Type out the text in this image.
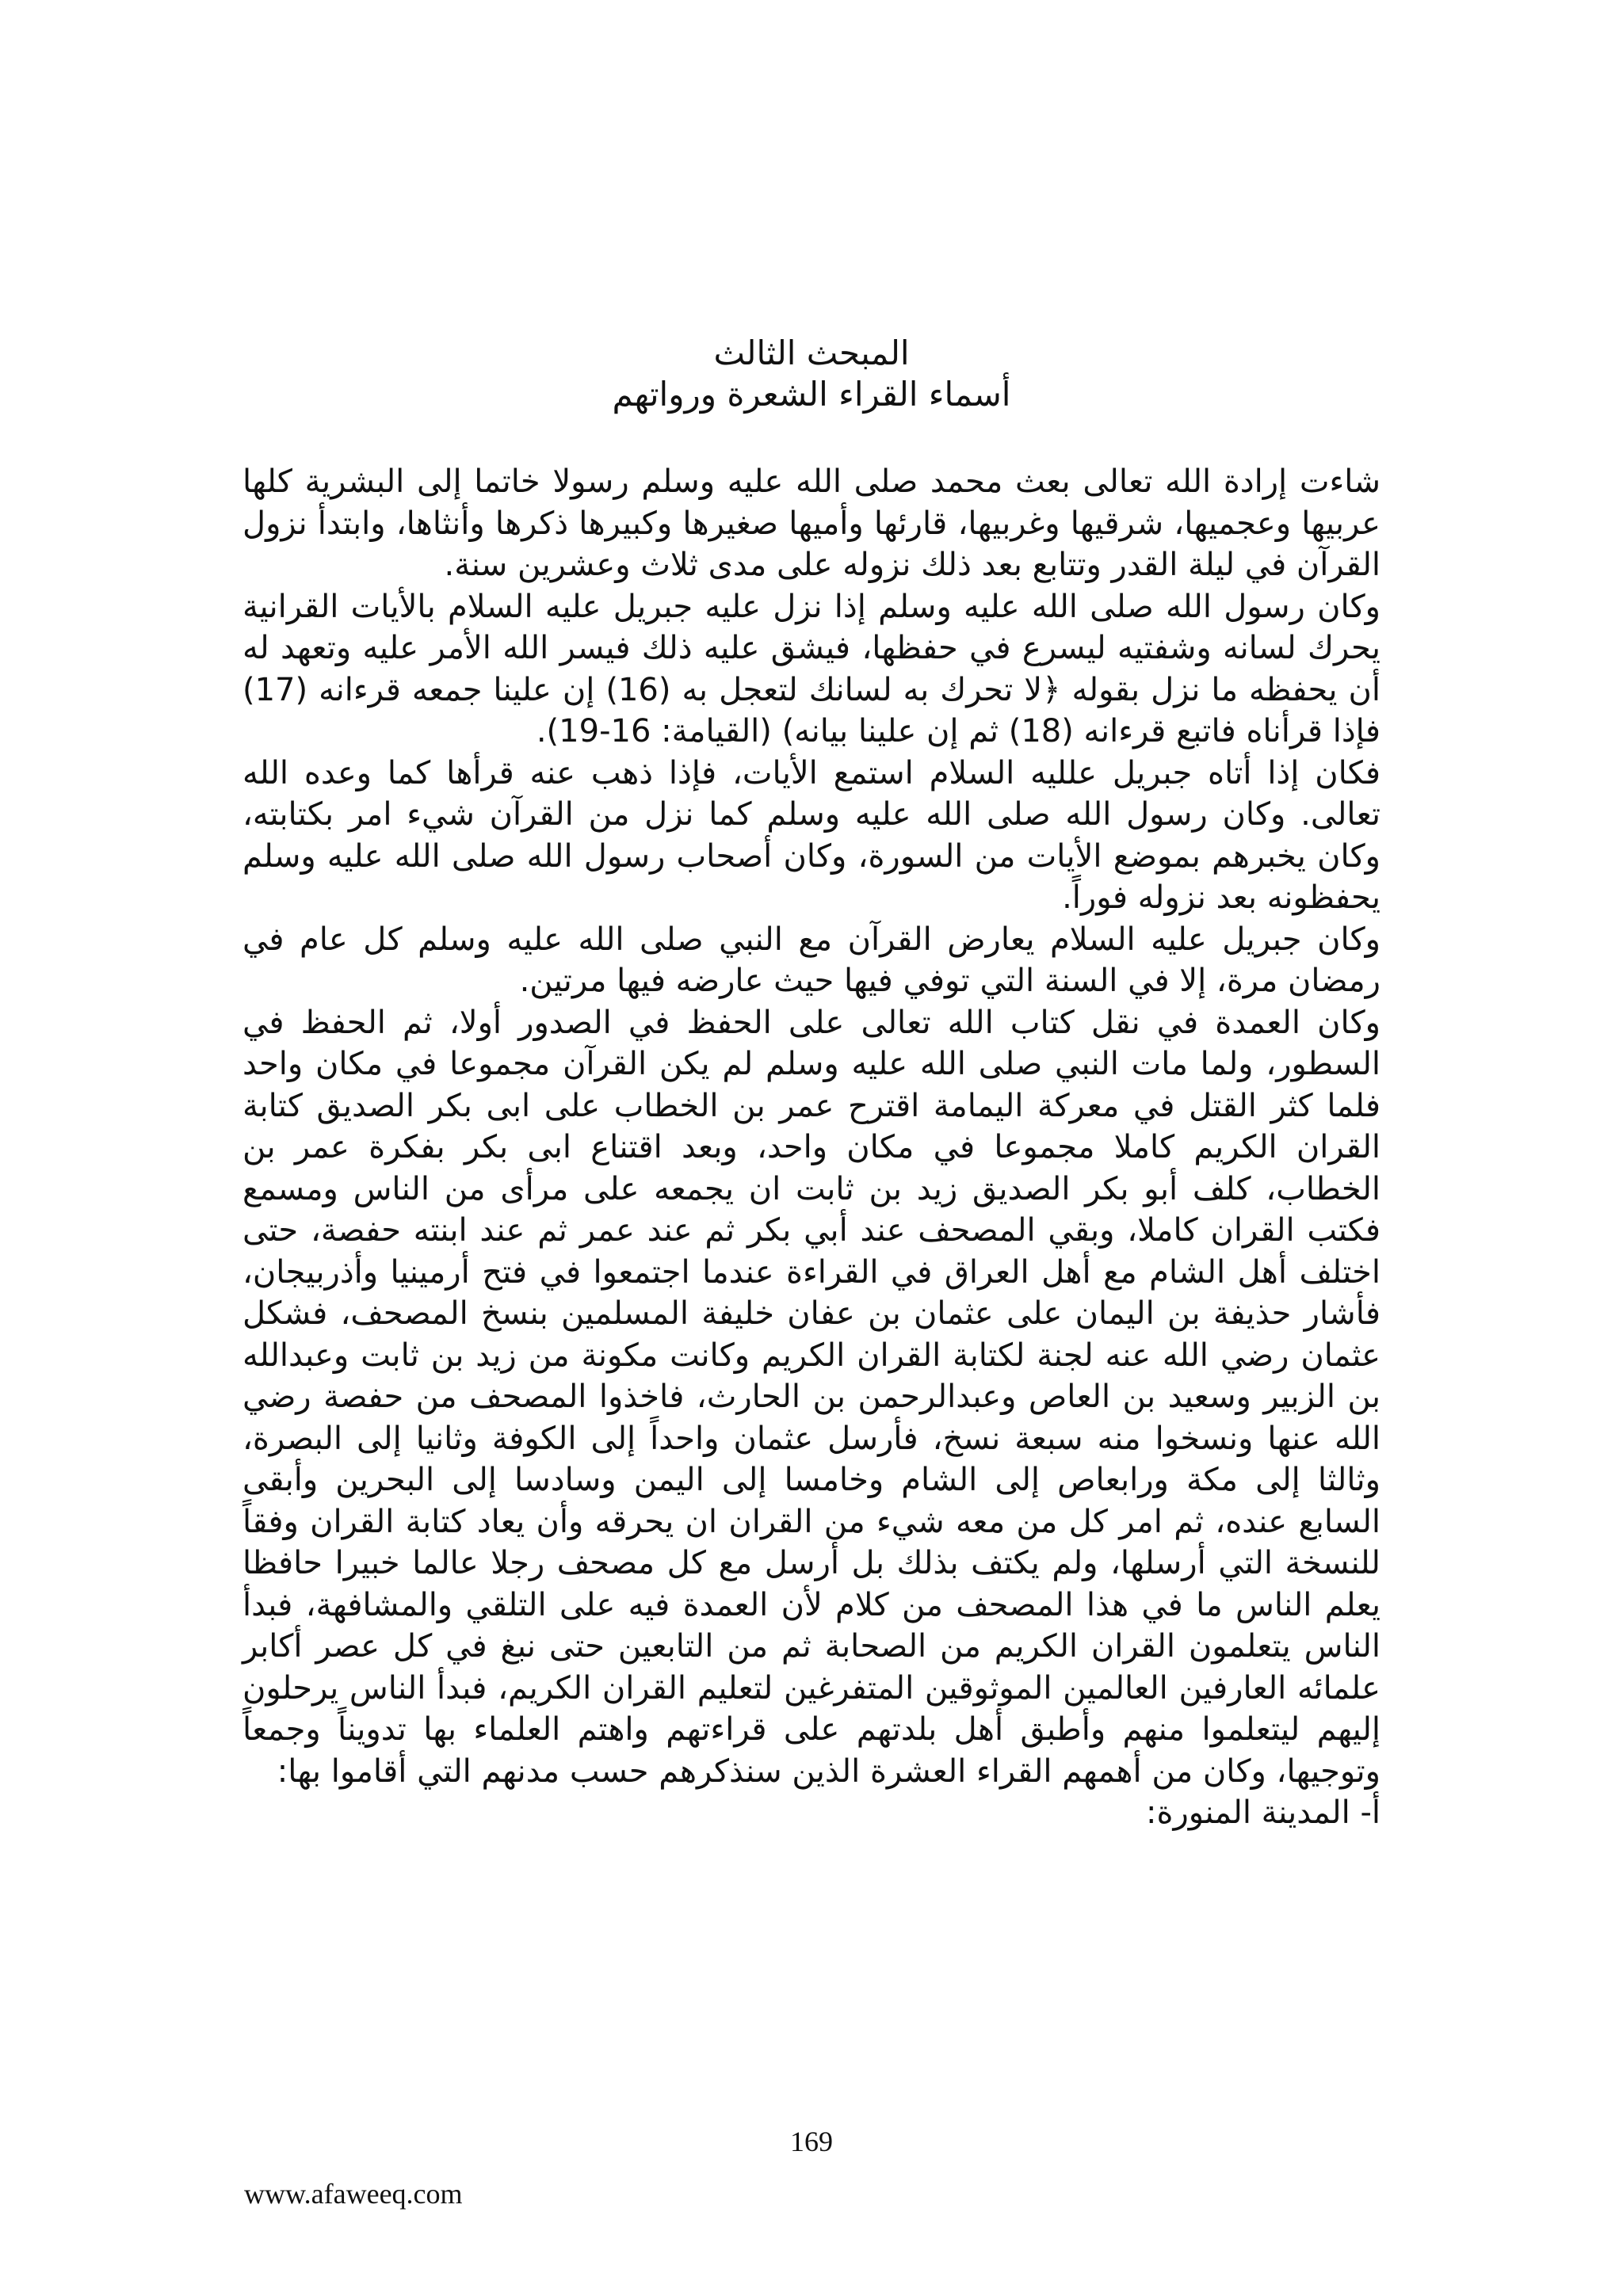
المبحث الثالث
أسماء القراء الشعرة ورواتهم

شاءت إرادة الله تعالى بعث محمد صلى الله عليه وسلم رسولا خاتما إلى البشرية كلها عربيها وعجميها، شرقيها وغربيها، قارئها وأميها صغيرها وكبيرها ذكرها وأنثاها، وابتدأ نزول القرآن في ليلة القدر وتتابع بعد ذلك نزوله على مدى ثلاث وعشرين سنة.

وكان رسول الله صلى الله عليه وسلم إذا نزل عليه جبريل عليه السلام بالأيات القرانية يحرك لسانه وشفتيه ليسرع في حفظها، فيشق عليه ذلك فيسر الله الأمر عليه وتعهد له أن يحفظه ما نزل بقوله ﴿لا تحرك به لسانك لتعجل به (16) إن علينا جمعه قرءانه (17) فإذا قرأناه فاتبع قرءانه (18) ثم إن علينا بيانه) (القيامة: 16-19).

فكان إذا أتاه جبريل علليه السلام استمع الأيات، فإذا ذهب عنه قرأها كما وعده الله تعالى. وكان رسول الله صلى الله عليه وسلم كما نزل من القرآن شيء امر بكتابته، وكان يخبرهم بموضع الأيات من السورة، وكان أصحاب رسول الله صلى الله عليه وسلم يحفظونه بعد نزوله فوراً.

وكان جبريل عليه السلام يعارض القرآن مع النبي صلى الله عليه وسلم كل عام في رمضان مرة، إلا في السنة التي توفي فيها حيث عارضه فيها مرتين.

وكان العمدة في نقل كتاب الله تعالى على الحفظ في الصدور أولا، ثم الحفظ في السطور، ولما مات النبي صلى الله عليه وسلم لم يكن القرآن مجموعا في مكان واحد فلما كثر القتل في معركة اليمامة اقترح عمر بن الخطاب على ابى بكر الصديق كتابة القران الكريم كاملا مجموعا في مكان واحد، وبعد اقتناع ابى بكر بفكرة عمر بن الخطاب، كلف أبو بكر الصديق زيد بن ثابت ان يجمعه على مرأى من الناس ومسمع فكتب القران كاملا، وبقي المصحف عند أبي بكر ثم عند عمر ثم عند ابنته حفصة، حتى اختلف أهل الشام مع أهل العراق في القراءة عندما اجتمعوا في فتح أرمينيا وأذربيجان، فأشار حذيفة بن اليمان على عثمان بن عفان خليفة المسلمين بنسخ المصحف، فشكل عثمان رضي الله عنه لجنة لكتابة القران الكريم وكانت مكونة من زيد بن ثابت وعبدالله بن الزبير وسعيد بن العاص وعبدالرحمن بن الحارث، فاخذوا المصحف من حفصة رضي الله عنها ونسخوا منه سبعة نسخ، فأرسل عثمان واحداً إلى الكوفة وثانيا إلى البصرة، وثالثا إلى مكة ورابعاص إلى الشام وخامسا إلى اليمن وسادسا إلى البحرين وأبقى السابع عنده، ثم امر كل من معه شيء من القران ان يحرقه وأن يعاد كتابة القران وفقاً للنسخة التي أرسلها، ولم يكتف بذلك بل أرسل مع كل مصحف رجلا عالما خبيرا حافظا يعلم الناس ما في هذا المصحف من كلام لأن العمدة فيه على التلقي والمشافهة، فبدأ الناس يتعلمون القران الكريم من الصحابة ثم من التابعين حتى نبغ في كل عصر أكابر علمائه العارفين العالمين الموثوقين المتفرغين لتعليم القران الكريم، فبدأ الناس يرحلون إليهم ليتعلموا منهم وأطبق أهل بلدتهم على قراءتهم واهتم العلماء بها تدويناً وجمعاً وتوجيها، وكان من أهمهم القراء العشرة الذين سنذكرهم حسب مدنهم التي أقاموا بها:

أ- المدينة المنورة:

169
www.afaweeq.com
